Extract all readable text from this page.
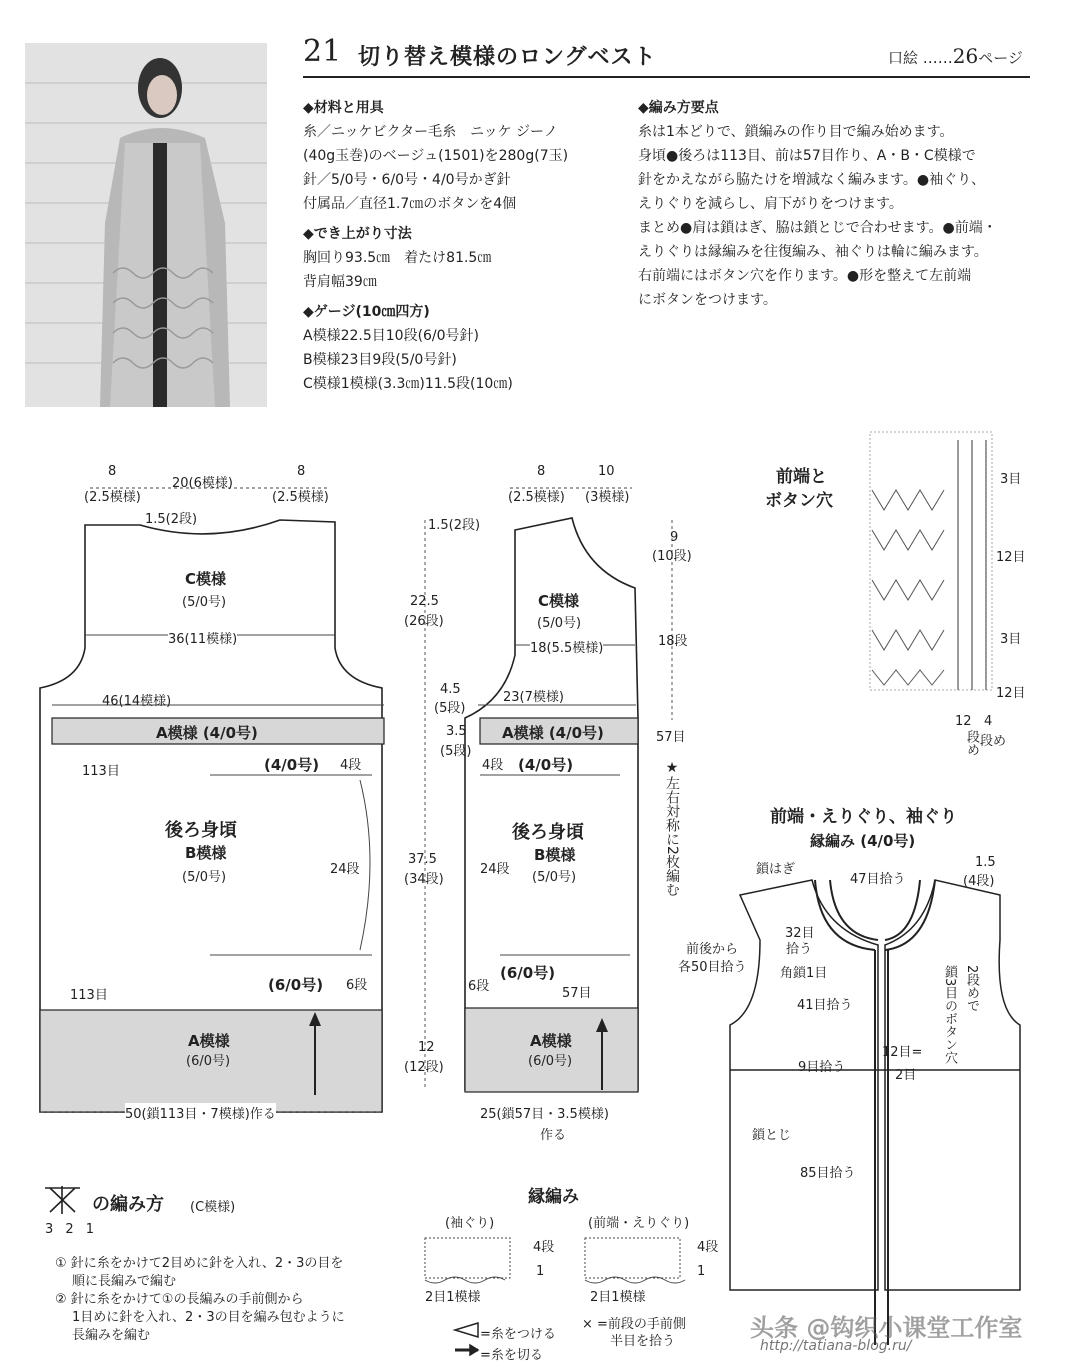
21 切り替え模様のロングベスト	口絵 ……26ページ
◆材料と用具
糸／ニッケビクター毛糸　ニッケ ジーノ
(40g玉巻)のベージュ(1501)を280g(7玉)
針／5/0号・6/0号・4/0号かぎ針
付属品／直径1.7㎝のボタンを4個
◆でき上がり寸法
胸回り93.5㎝　着たけ81.5㎝
背肩幅39㎝
◆ゲージ(10㎝四方)
A模様22.5目10段(6/0号針)
B模様23目9段(5/0号針)
C模様1模様(3.3㎝)11.5段(10㎝)
◆編み方要点
糸は1本どりで、鎖編みの作り目で編み始めます。
身頃●後ろは113目、前は57目作り、A・B・C模様で
針をかえながら脇たけを増減なく編みます。●袖ぐり、
えりぐりを減らし、肩下がりをつけます。
まとめ●肩は鎖はぎ、脇は鎖とじで合わせます。●前端・
えりぐりは縁編みを往復編み、袖ぐりは輪に編みます。
右前端にはボタン穴を作ります。●形を整えて左前端
にボタンをつけます。
8
(2.5模様)
20(6模様)
8
(2.5模様)
1.5(2段)
C模様
(5/0号)
36(11模様)
46(14模様)
A模様 (4/0号)
113目	(4/0号) 4段
後ろ身頃
B模様
(5/0号)
24段
(6/0号) 6段
113目
A模様
(6/0号)
50(鎖113目・7模様)作る
1.5(2段)
22.5
(26段)
4.5
(5段)
3.5
(5段)
37.5
(34段)
12
(12段)
8
(2.5模様)
10
(3模様)
9
(10段)
18段
C模様
(5/0号)
18(5.5模様)
23(7模様)
A模様 (4/0号)	57目
4段 (4/0号)
後ろ身頃
B模様
(5/0号)
24段
6段
(6/0号)
57目
A模様
(6/0号)
25(鎖57目・3.5模様)
作る
★左右対称に2枚編む
前端と
ボタン穴
3目
12目
3目
12目
12
段め
4
段め
前端・えりぐり、袖ぐり
縁編み (4/0号)
鎖はぎ
47目拾う
1.5
(4段)
32目
拾う
前後から
各50目拾う	角鎖1目	鎖3目のボタン穴 2段めで
41目拾う
12目=
2目
9目拾う
鎖とじ
85目拾う
の編み方 (C模様)
3 2 1
① 針に糸をかけて2目めに針を入れ、2・3の目を
順に長編みで編む
② 針に糸をかけて①の長編みの手前側から
1目めに針を入れ、2・3の目を編み包むように
長編みを編む
縁編み
(袖ぐり)	(前端・えりぐり)
4段
1
4段
1
2目1模様	2目1模様
=糸をつける
=糸を切る
× =前段の手前側
半目を拾う	头条 @钩织小课堂工作室
http://tatiana-blog.ru/
